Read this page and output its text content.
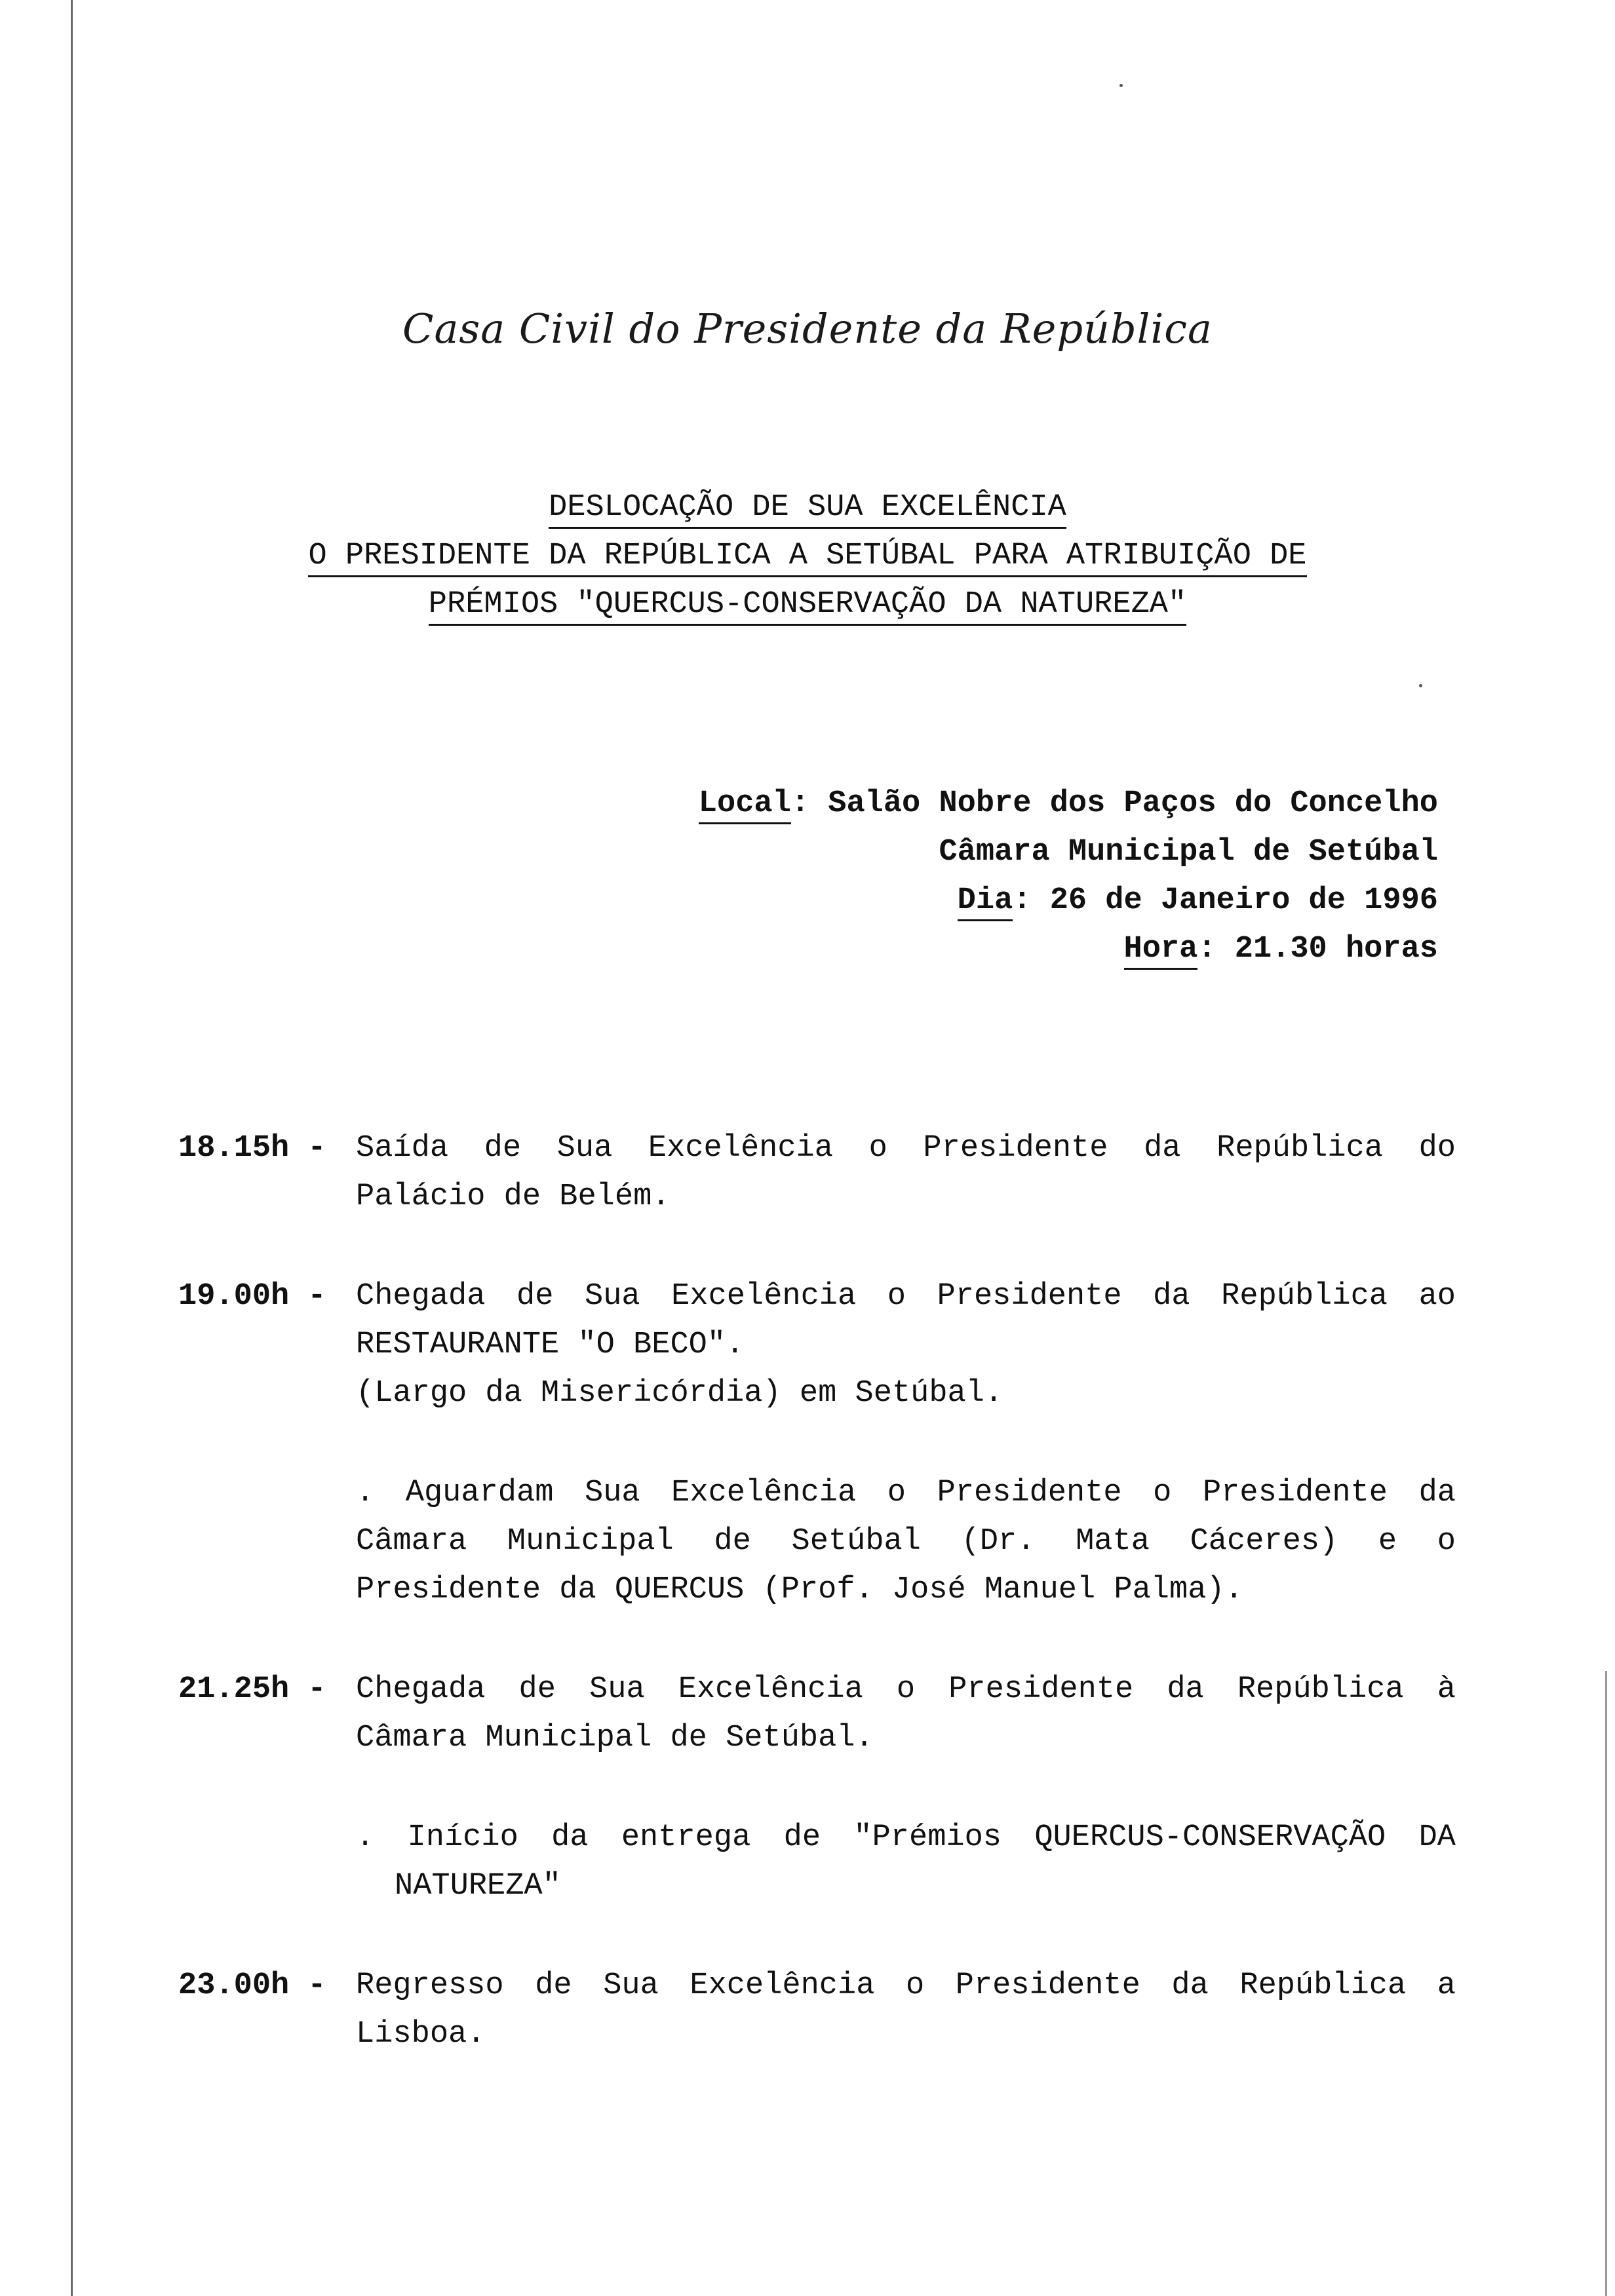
Casa Civil do Presidente da República
DESLOCAÇÃO DE SUA EXCELÊNCIA
O PRESIDENTE DA REPÚBLICA A SETÚBAL PARA ATRIBUIÇÃO DE
PRÉMIOS "QUERCUS-CONSERVAÇÃO DA NATUREZA"
Local: Salão Nobre dos Paços do Concelho
Câmara Municipal de Setúbal
Dia: 26 de Janeiro de 1996
Hora: 21.30 horas
18.15h - Saída de Sua Excelência o Presidente da República do
Palácio de Belém.
19.00h - Chegada de Sua Excelência o Presidente da República ao
RESTAURANTE "O BECO".
(Largo da Misericórdia) em Setúbal.
. Aguardam Sua Excelência o Presidente o Presidente da
Câmara Municipal de Setúbal (Dr. Mata Cáceres) e o
Presidente da QUERCUS (Prof. José Manuel Palma).
21.25h - Chegada de Sua Excelência o Presidente da República à
Câmara Municipal de Setúbal.
. Início da entrega de "Prémios QUERCUS-CONSERVAÇÃO DA
NATUREZA"
23.00h - Regresso de Sua Excelência o Presidente da República a
Lisboa.
